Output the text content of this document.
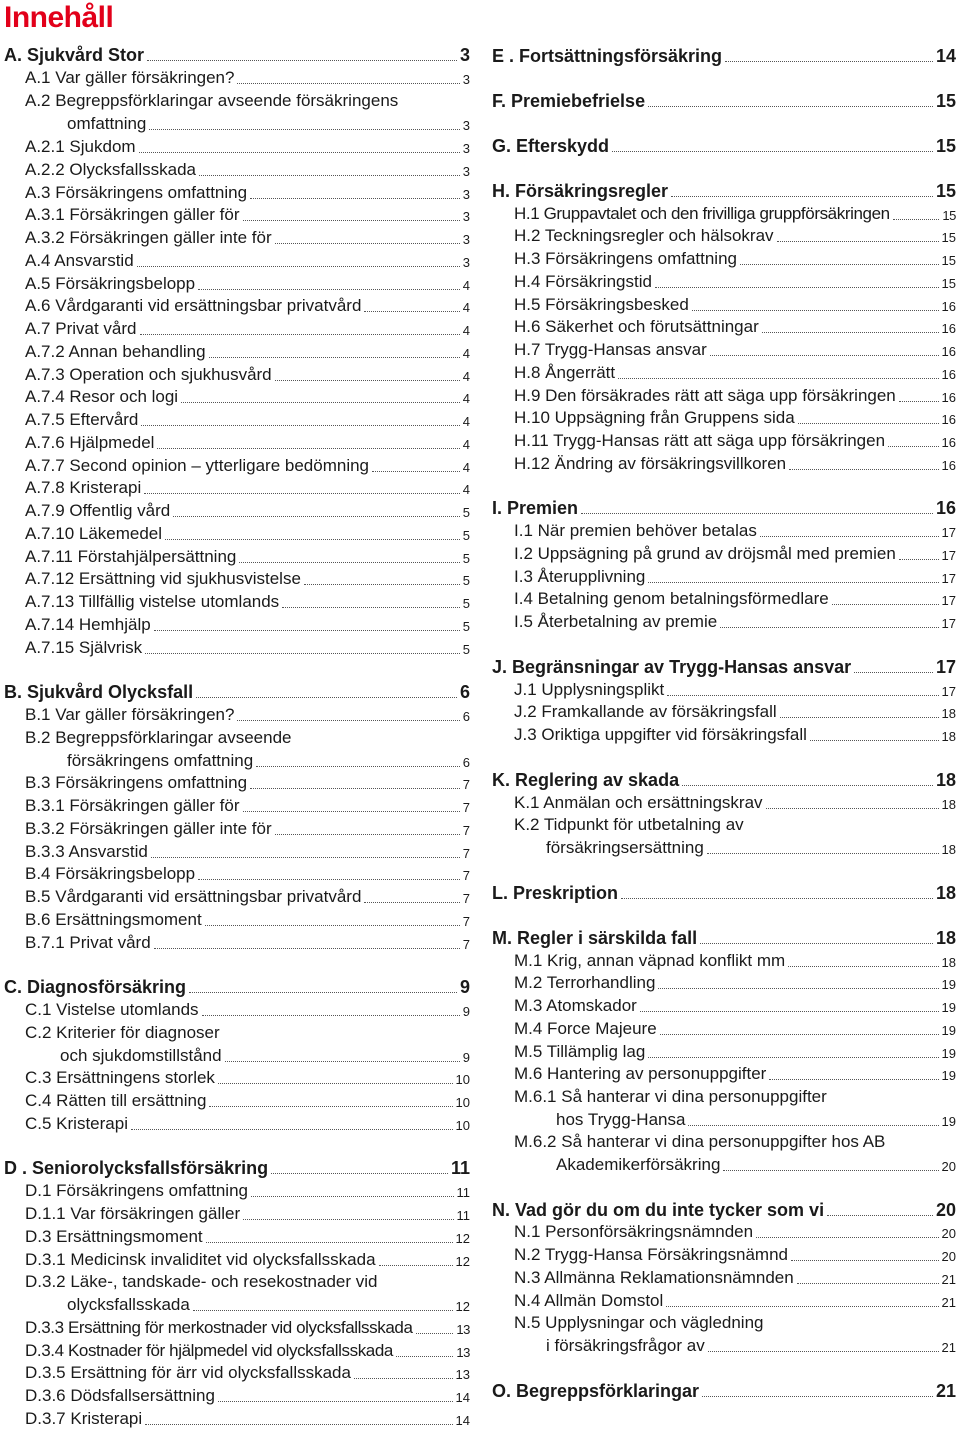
Innehåll
A. Sjukvård Stor	3
A.1 Var gäller försäkringen?	3
A.2 Begreppsförklaringar avseende försäkringens
omfattning	3
A.2.1 Sjukdom	3
A.2.2 Olycksfallsskada	3
A.3 Försäkringens omfattning	3
A.3.1 Försäkringen gäller för	3
A.3.2 Försäkringen gäller inte för	3
A.4 Ansvarstid	3
A.5 Försäkringsbelopp	4
A.6 Vårdgaranti vid ersättningsbar privatvård	4
A.7 Privat vård	4
A.7.2 Annan behandling	4
A.7.3 Operation och sjukhusvård	4
A.7.4 Resor och logi	4
A.7.5 Eftervård	4
A.7.6 Hjälpmedel	4
A.7.7 Second opinion – ytterligare bedömning	4
A.7.8 Kristerapi	4
A.7.9 Offentlig vård	5
A.7.10 Läkemedel	5
A.7.11 Förstahjälpersättning	5
A.7.12 Ersättning vid sjukhusvistelse	5
A.7.13 Tillfällig vistelse utomlands	5
A.7.14 Hemhjälp	5
A.7.15 Självrisk	5
B. Sjukvård Olycksfall	6
B.1 Var gäller försäkringen?	6
B.2 Begreppsförklaringar avseende
försäkringens omfattning	6
B.3 Försäkringens omfattning	7
B.3.1 Försäkringen gäller för	7
B.3.2 Försäkringen gäller inte för	7
B.3.3 Ansvarstid	7
B.4 Försäkringsbelopp	7
B.5 Vårdgaranti vid ersättningsbar privatvård	7
B.6 Ersättningsmoment	7
B.7.1 Privat vård	7
C. Diagnosförsäkring	9
C.1 Vistelse utomlands	9
C.2 Kriterier för diagnoser
och sjukdomstillstånd	9
C.3 Ersättningens storlek	10
C.4 Rätten till ersättning	10
C.5 Kristerapi	10
D . Seniorolycksfallsförsäkring	11
D.1 Försäkringens omfattning	11
D.1.1 Var försäkringen gäller	11
D.3 Ersättningsmoment	12
D.3.1 Medicinsk invaliditet vid olycksfallsskada	12
D.3.2 Läke-, tandskade- och resekostnader vid
olycksfallsskada	12
D.3.3 Ersättning för merkostnader vid olycksfallsskada	13
D.3.4 Kostnader för hjälpmedel vid olycksfallsskada	13
D.3.5 Ersättning för ärr vid olycksfallsskada	13
D.3.6 Dödsfallsersättning	14
D.3.7 Kristerapi	14
E . Fortsättningsförsäkring	14
F. Premiebefrielse	15
G. Efterskydd	15
H. Försäkringsregler	15
H.1 Gruppavtalet och den frivilliga gruppförsäkringen	15
H.2 Teckningsregler och hälsokrav	15
H.3 Försäkringens omfattning	15
H.4 Försäkringstid	15
H.5 Försäkringsbesked	16
H.6 Säkerhet och förutsättningar	16
H.7 Trygg-Hansas ansvar	16
H.8 Ångerrätt	16
H.9 Den försäkrades rätt att säga upp försäkringen	16
H.10 Uppsägning från Gruppens sida	16
H.11 Trygg-Hansas rätt att säga upp försäkringen	16
H.12 Ändring av försäkringsvillkoren	16
I. Premien	16
I.1 När premien behöver betalas	17
I.2 Uppsägning på grund av dröjsmål med premien	17
I.3 Återupplivning	17
I.4 Betalning genom betalningsförmedlare	17
I.5 Återbetalning av premie	17
J. Begränsningar av Trygg-Hansas ansvar	17
J.1 Upplysningsplikt	17
J.2 Framkallande av försäkringsfall	18
J.3 Oriktiga uppgifter vid försäkringsfall	18
K. Reglering av skada	18
K.1 Anmälan och ersättningskrav	18
K.2 Tidpunkt för utbetalning av
försäkringsersättning	18
L. Preskription	18
M. Regler i särskilda fall	18
M.1 Krig, annan väpnad konflikt mm	18
M.2 Terrorhandling	19
M.3 Atomskador	19
M.4 Force Majeure	19
M.5 Tillämplig lag	19
M.6 Hantering av personuppgifter	19
M.6.1 Så hanterar vi dina personuppgifter
hos Trygg-Hansa	19
M.6.2 Så hanterar vi dina personuppgifter hos AB
Akademikerförsäkring	20
N. Vad gör du om du inte tycker som vi	20
N.1 Personförsäkringsnämnden	20
N.2 Trygg-Hansa Försäkringsnämnd	20
N.3 Allmänna Reklamationsnämnden	21
N.4 Allmän Domstol	21
N.5 Upplysningar och vägledning
i försäkringsfrågor av	21
O. Begreppsförklaringar	21
